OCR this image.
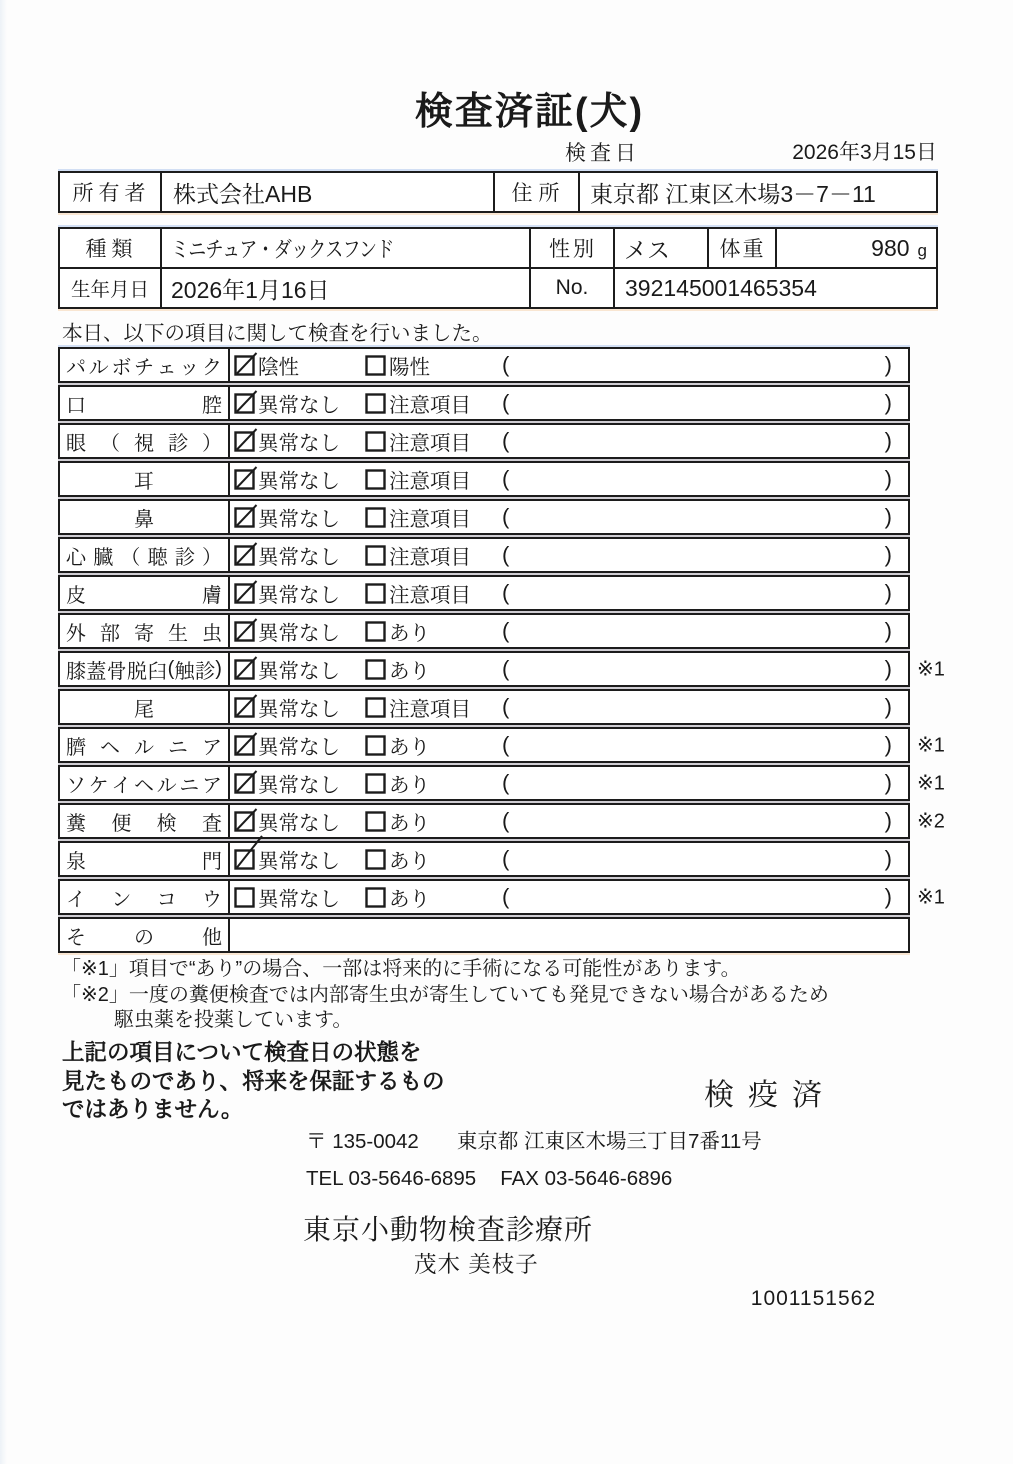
検査済証(犬)
検査日	2026年3月15日
所有者 株式会社AHB	住所	東京都 江東区木場3－7－11
種類	ミニチュア・ダックスフンド	性別	メス	体重	980 g
生年月日 2026年1月16日	No.	392145001465354
本日、以下の項目に関して検査を行いました。
パ ル ボ チ ェ ッ ク 陰性	陽性	(	)
口	腔 異常なし 注意項目 (	)
眼 （ 視 診 ） 異常なし 注意項目 (	)
耳	異常なし 注意項目 (	)
鼻	異常なし 注意項目 (	)
心 臓 （ 聴 診 ） 異常なし 注意項目 (	)
皮	膚 異常なし 注意項目 (	)
外 部 寄 生 虫 異常なし あり	(	)
膝 蓋 骨 脱 臼 ( 触 診 ) 異常なし あり	(	) ※1
尾	異常なし 注意項目 (	)
臍 ヘ ル ニ ア 異常なし あり	(	) ※1
ソ ケ イ ヘ ル ニ ア 異常なし あり	(	) ※1
糞 便 検 査 異常なし あり	(	) ※2
泉	門 異常なし あり	(	)
イ ン コ ウ 異常なし あり	(	) ※1
そ の 他
「※1」項目で“あり”の場合、一部は将来的に手術になる可能性があります。
「※2」一度の糞便検査では内部寄生虫が寄生していても発見できない場合があるため
駆虫薬を投薬しています。
上記の項目について検査日の状態を
見たものであり、将来を保証するもの
ではありません。	検疫済
〒 135-0042 東京都 江東区木場三丁目7番11号
TEL 03-5646-6895 FAX 03-5646-6896
東京小動物検査診療所
茂木 美枝子
1001151562
